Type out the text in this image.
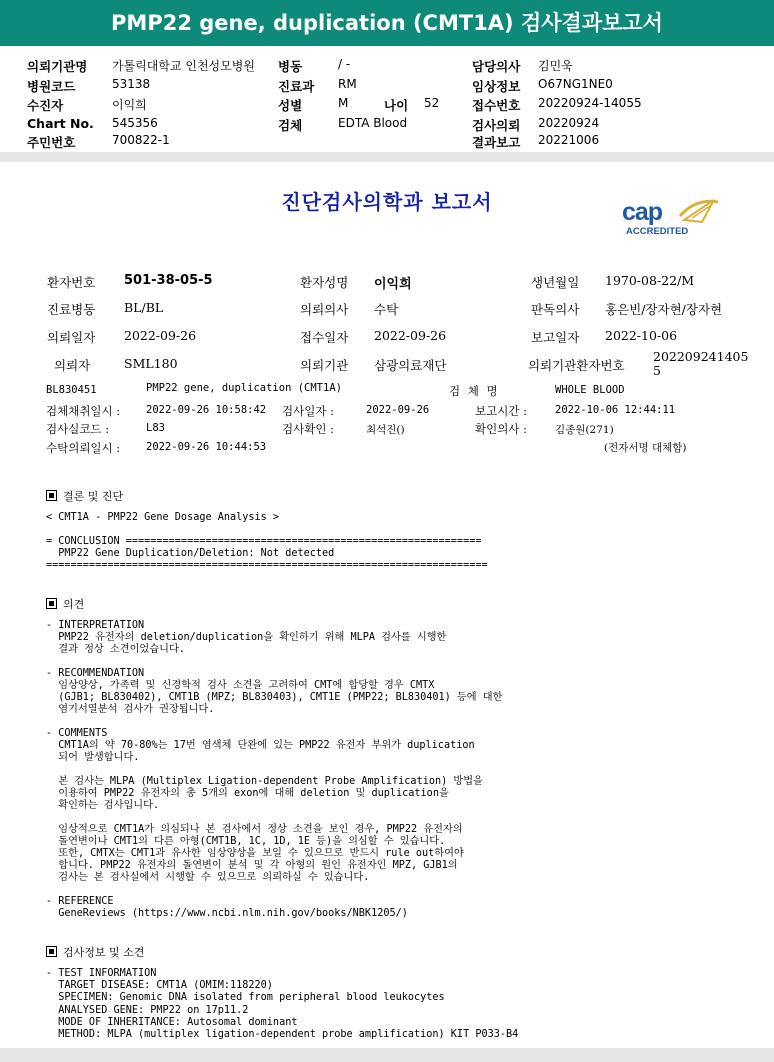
PMP22 gene, duplication (CMT1A) 검사결과보고서
의뢰기관명 가톨릭대학교 인천성모병원
병원코드	53138
수진자	이익희
Chart No. 545356
주민번호	700822-1
병동	/ -
진료과 RM
성별	M	나이 52
검체	EDTA Blood
담당의사 김민욱
임상정보 O67NG1NE0
접수번호 20220924-14055
검사의뢰 20220924
결과보고 20221006
진단검사의학과 보고서	cap
ACCREDITED
환자번호 501-38-05-5	환자성명 이익희	생년월일 1970-08-22/M
진료병동 BL/BL	의뢰의사 수탁	판독의사 홍은빈/장자현/장자현
의뢰일자 2022-09-26	접수일자 2022-09-26	보고일자 2022-10-06
의뢰자	SML180	의뢰기관 삼광의료재단	의뢰기관환자번호
202209241405
5
BL830451	PMP22 gene, duplication (CMT1A)	검 체 명	WHOLE BLOOD
검체채취일시 : 2022-09-26 10:58:42 검사일자 :	2022-09-26	보고시간 :	2022-10-06 12:44:11
검사실코드 :	L83	검사확인 :	최석진()	확인의사 :	김종원(271)
수탁의뢰일시 : 2022-09-26 10:44:53	(전자서명 대체함)
결론 및 진단
< CMT1A - PMP22 Gene Dosage Analysis >
= CONCLUSION ==========================================================
PMP22 Gene Duplication/Deletion: Not detected
========================================================================
의견
- INTERPRETATION
PMP22 유전자의 deletion/duplication을 확인하기 위해 MLPA 검사를 시행한
결과 정상 소견이었습니다.
- RECOMMENDATION
임상양상, 가족력 및 신경학적 검사 소견을 고려하여 CMT에 합당할 경우 CMTX
(GJB1; BL830402), CMT1B (MPZ; BL830403), CMT1E (PMP22; BL830401) 등에 대한
염기서열분석 검사가 권장됩니다.
- COMMENTS
CMT1A의 약 70-80%는 17번 염색체 단완에 있는 PMP22 유전자 부위가 duplication
되어 발생합니다.
본 검사는 MLPA (Multiplex Ligation-dependent Probe Amplification) 방법을
이용하여 PMP22 유전자의 총 5개의 exon에 대해 deletion 및 duplication을
확인하는 검사입니다.
임상적으로 CMT1A가 의심되나 본 검사에서 정상 소견을 보인 경우, PMP22 유전자의
돌연변이나 CMT1의 다른 아형(CMT1B, 1C, 1D, 1E 등)을 의심할 수 있습니다.
또한, CMTX는 CMT1과 유사한 임상양상을 보일 수 있으므로 반드시 rule out하여야
합니다. PMP22 유전자의 돌연변이 분석 및 각 아형의 원인 유전자인 MPZ, GJB1의
검사는 본 검사실에서 시행할 수 있으므로 의뢰하실 수 있습니다.
- REFERENCE
GeneReviews (https://www.ncbi.nlm.nih.gov/books/NBK1205/)
검사정보 및 소견
- TEST INFORMATION
TARGET DISEASE: CMT1A (OMIM:118220)
SPECIMEN: Genomic DNA isolated from peripheral blood leukocytes
ANALYSED GENE: PMP22 on 17p11.2
MODE OF INHERITANCE: Autosomal dominant
METHOD: MLPA (multiplex ligation-dependent probe amplification) KIT P033-B4
